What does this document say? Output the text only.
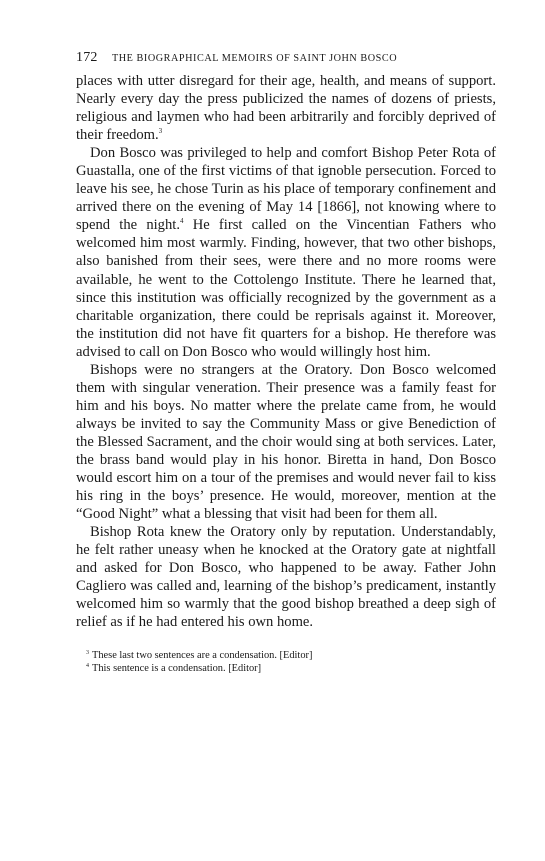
172	THE BIOGRAPHICAL MEMOIRS OF SAINT JOHN BOSCO

places with utter disregard for their age, health, and means of support. Nearly every day the press publicized the names of dozens of priests, religious and laymen who had been arbitrarily and forcibly deprived of their freedom.$^3$

Don Bosco was privileged to help and comfort Bishop Peter Rota of Guastalla, one of the first victims of that ignoble persecution. Forced to leave his see, he chose Turin as his place of temporary confinement and arrived there on the evening of May 14 [1866], not knowing where to spend the night.$^4$ He first called on the Vincentian Fathers who welcomed him most warmly. Finding, however, that two other bishops, also banished from their sees, were there and no more rooms were available, he went to the Cottolengo Institute. There he learned that, since this institution was officially recognized by the government as a charitable organization, there could be reprisals against it. Moreover, the institution did not have fit quarters for a bishop. He therefore was advised to call on Don Bosco who would willingly host him.

Bishops were no strangers at the Oratory. Don Bosco welcomed them with singular veneration. Their presence was a family feast for him and his boys. No matter where the prelate came from, he would always be invited to say the Community Mass or give Benediction of the Blessed Sacrament, and the choir would sing at both services. Later, the brass band would play in his honor. Biretta in hand, Don Bosco would escort him on a tour of the premises and would never fail to kiss his ring in the boys’ presence. He would, moreover, mention at the “Good Night” what a blessing that visit had been for them all.

Bishop Rota knew the Oratory only by reputation. Understandably, he felt rather uneasy when he knocked at the Oratory gate at nightfall and asked for Don Bosco, who happened to be away. Father John Cagliero was called and, learning of the bishop’s predicament, instantly welcomed him so warmly that the good bishop breathed a deep sigh of relief as if he had entered his own home.

$^3$ These last two sentences are a condensation. [Editor]

$^4$ This sentence is a condensation. [Editor]
